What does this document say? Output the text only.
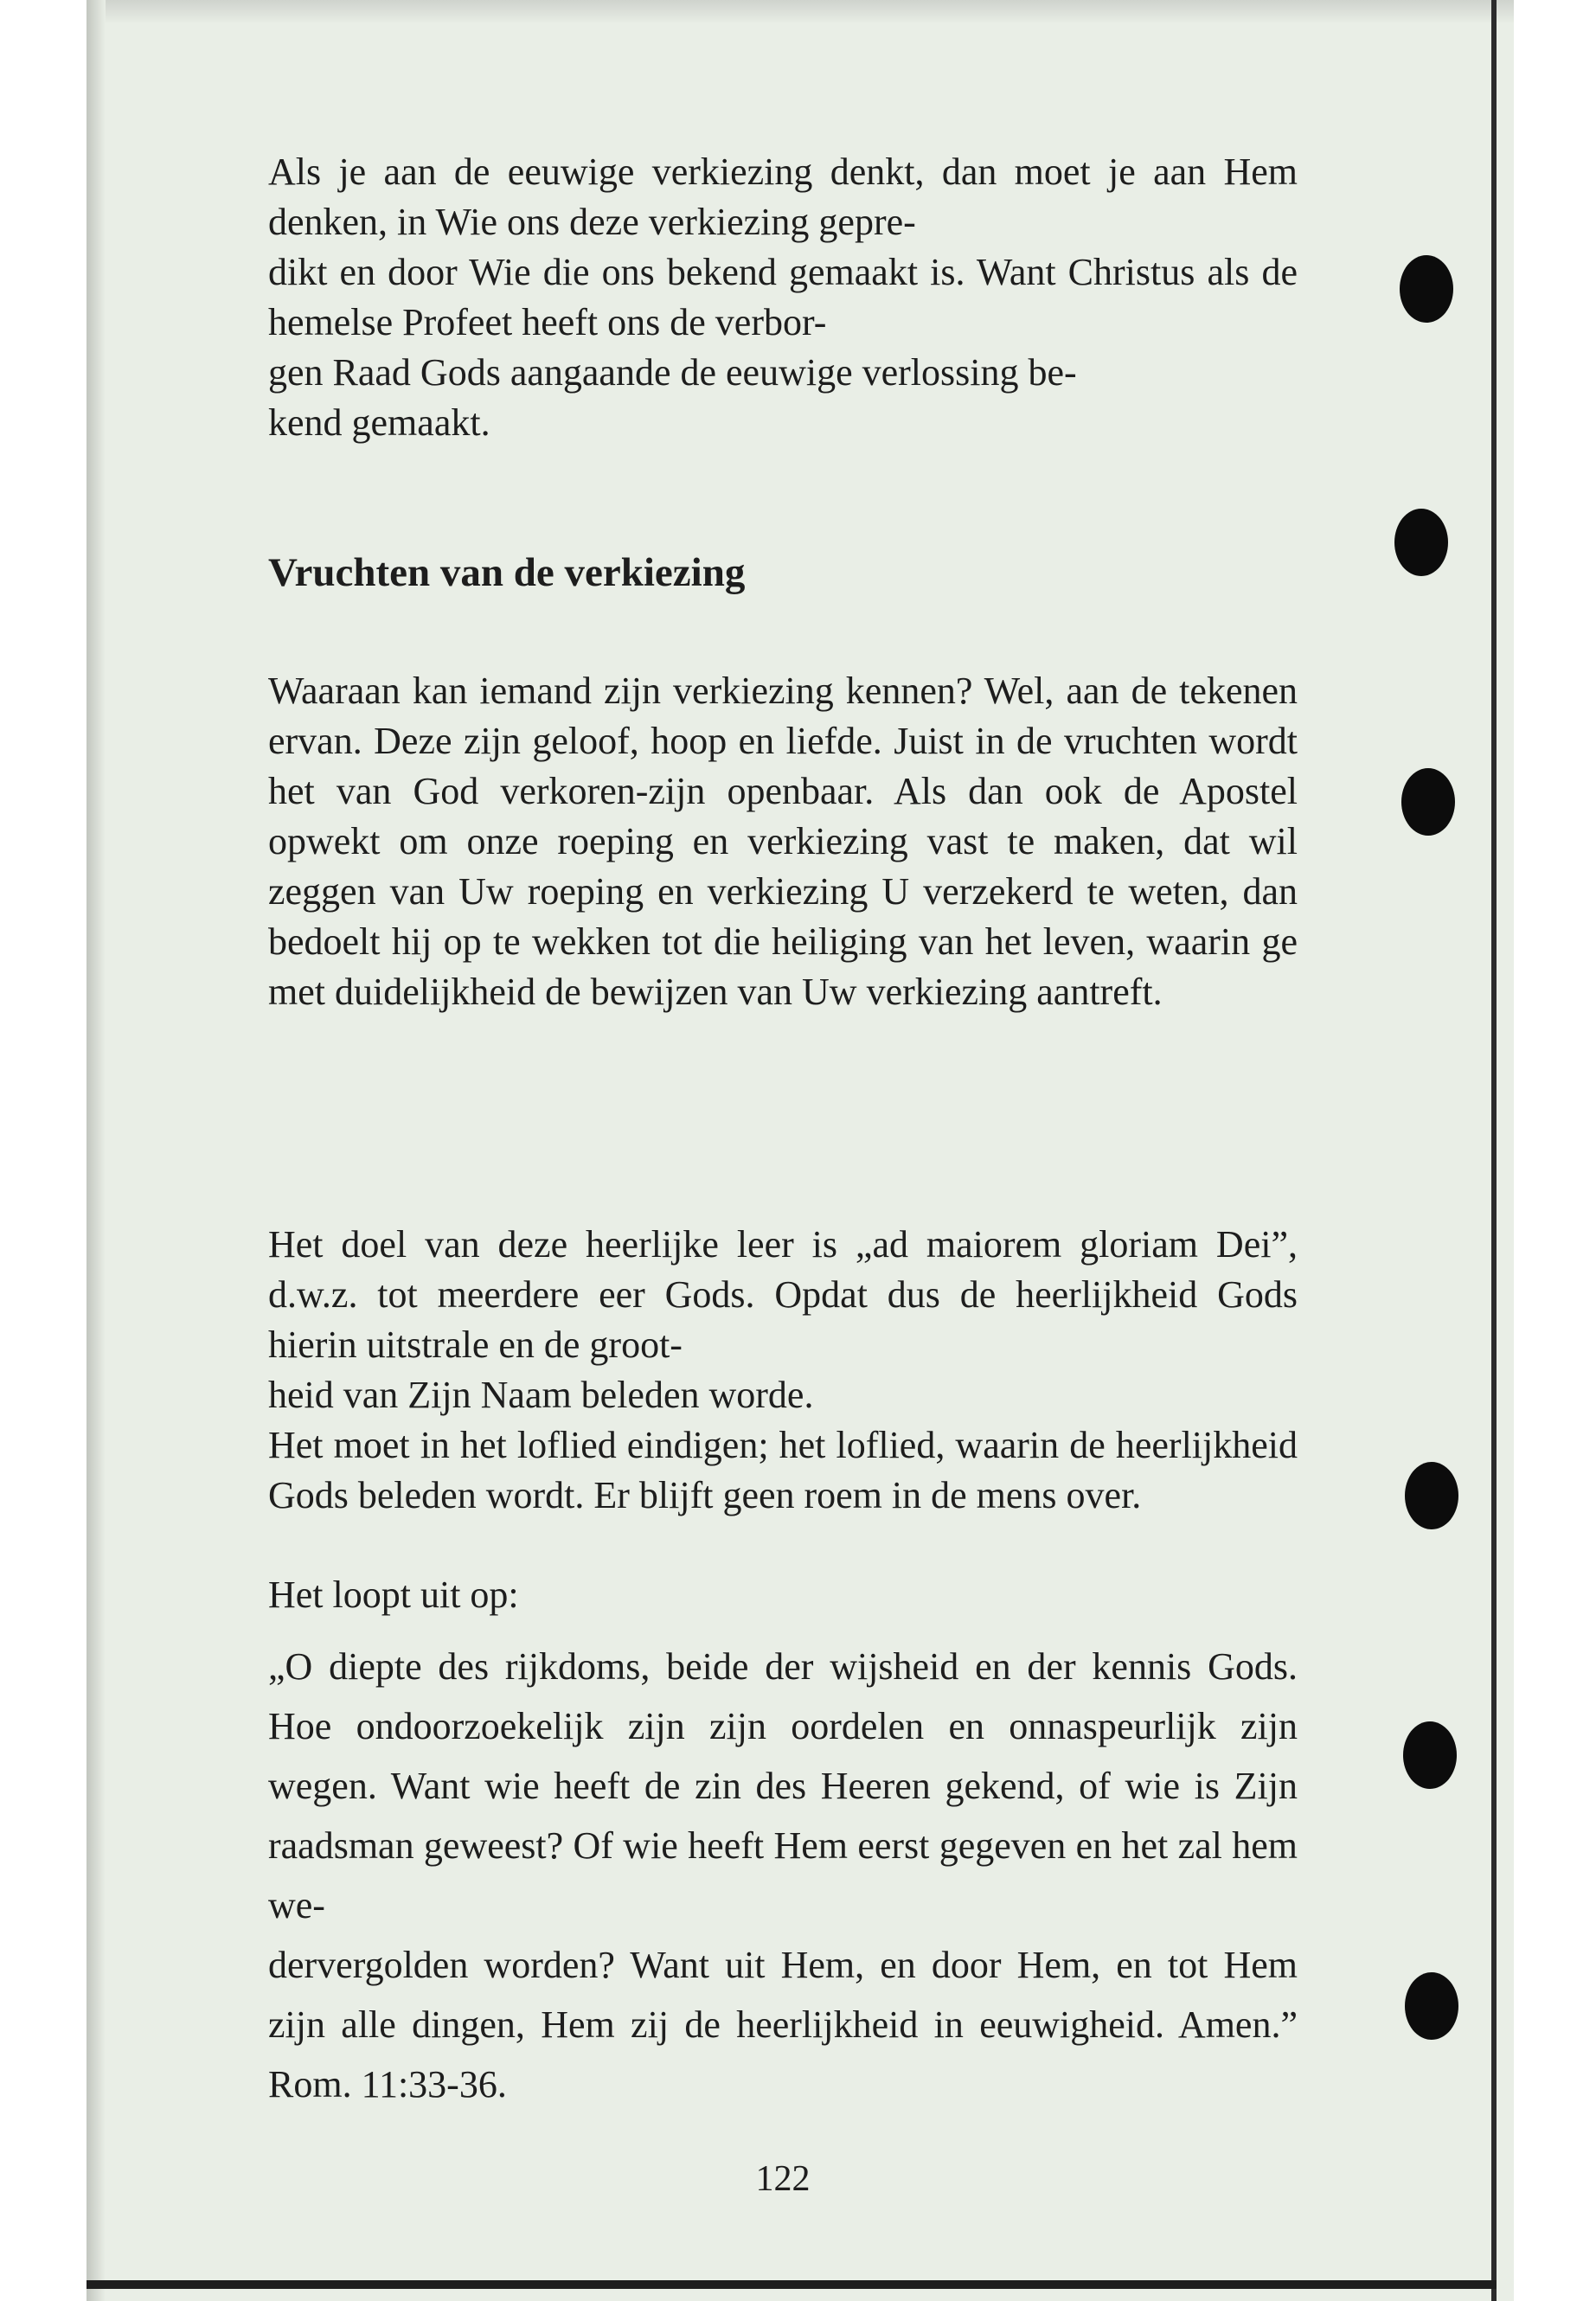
Als je aan de eeuwige verkiezing denkt, dan moet je aan Hem denken, in Wie ons deze verkiezing gepre-
dikt en door Wie die ons bekend gemaakt is. Want Christus als de hemelse Profeet heeft ons de verbor-
gen Raad Gods aangaande de eeuwige verlossing be-
kend gemaakt.

Vruchten van de verkiezing

Waaraan kan iemand zijn verkiezing kennen? Wel, aan de tekenen ervan. Deze zijn geloof, hoop en liefde. Juist in de vruchten wordt het van God verkoren-zijn openbaar. Als dan ook de Apostel opwekt om onze roeping en verkiezing vast te maken, dat wil zeggen van Uw roeping en verkiezing U verzekerd te weten, dan bedoelt hij op te wekken tot die heiliging van het leven, waarin ge met duidelijkheid de bewijzen van Uw verkiezing aantreft.

Het doel van deze heerlijke leer is „ad maiorem gloriam Dei”, d.w.z. tot meerdere eer Gods. Opdat dus de heerlijkheid Gods hierin uitstrale en de groot-
heid van Zijn Naam beleden worde.

Het moet in het loflied eindigen; het loflied, waarin de heerlijkheid Gods beleden wordt. Er blijft geen roem in de mens over.

Het loopt uit op:

„O diepte des rijkdoms, beide der wijsheid en der kennis Gods. Hoe ondoorzoekelijk zijn zijn oordelen en onnaspeurlijk zijn wegen. Want wie heeft de zin des Heeren gekend, of wie is Zijn raadsman geweest? Of wie heeft Hem eerst gegeven en het zal hem we-
dervergolden worden? Want uit Hem, en door Hem, en tot Hem zijn alle dingen, Hem zij de heerlijkheid in eeuwigheid. Amen.” Rom. 11:33-36.

122
